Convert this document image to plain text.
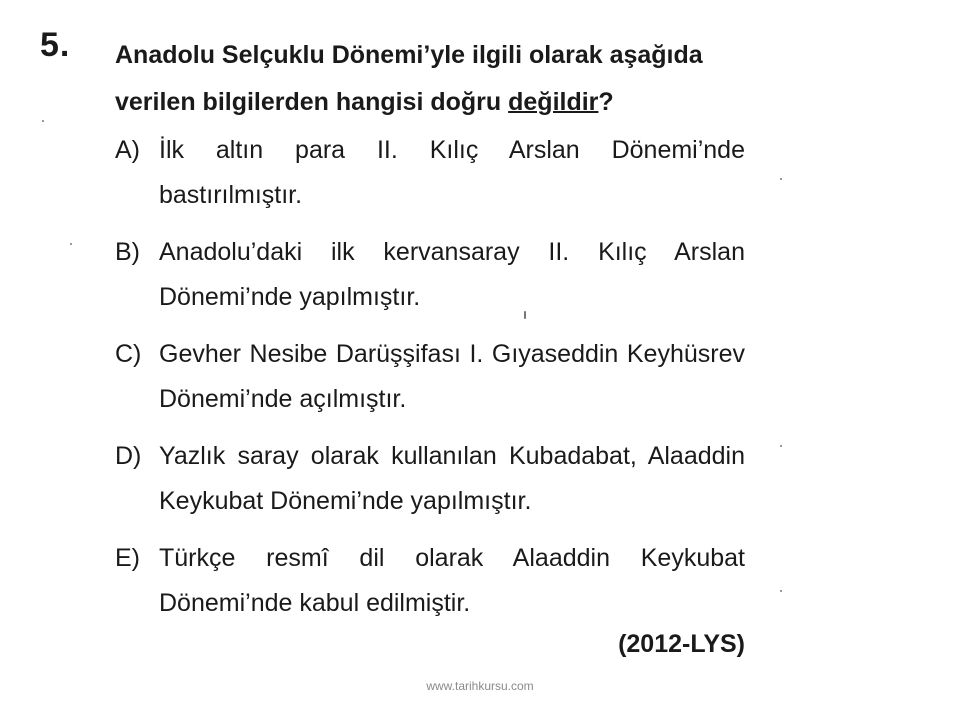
5. Anadolu Selçuklu Dönemi’yle ilgili olarak aşağıda verilen bilgilerden hangisi doğru değildir?
A) İlk altın para II. Kılıç Arslan Dönemi’nde bastırılmıştır.
B) Anadolu’daki ilk kervansaray II. Kılıç Arslan Dönemi’nde yapılmıştır.
C) Gevher Nesibe Darüşşifası I. Gıyaseddin Keyhüsrev Dönemi’nde açılmıştır.
D) Yazlık saray olarak kullanılan Kubadabat, Alaaddin Keykubat Dönemi’nde yapılmıştır.
E) Türkçe resmî dil olarak Alaaddin Keykubat Dönemi’nde kabul edilmiştir.
(2012-LYS)
www.tarihkursu.com
